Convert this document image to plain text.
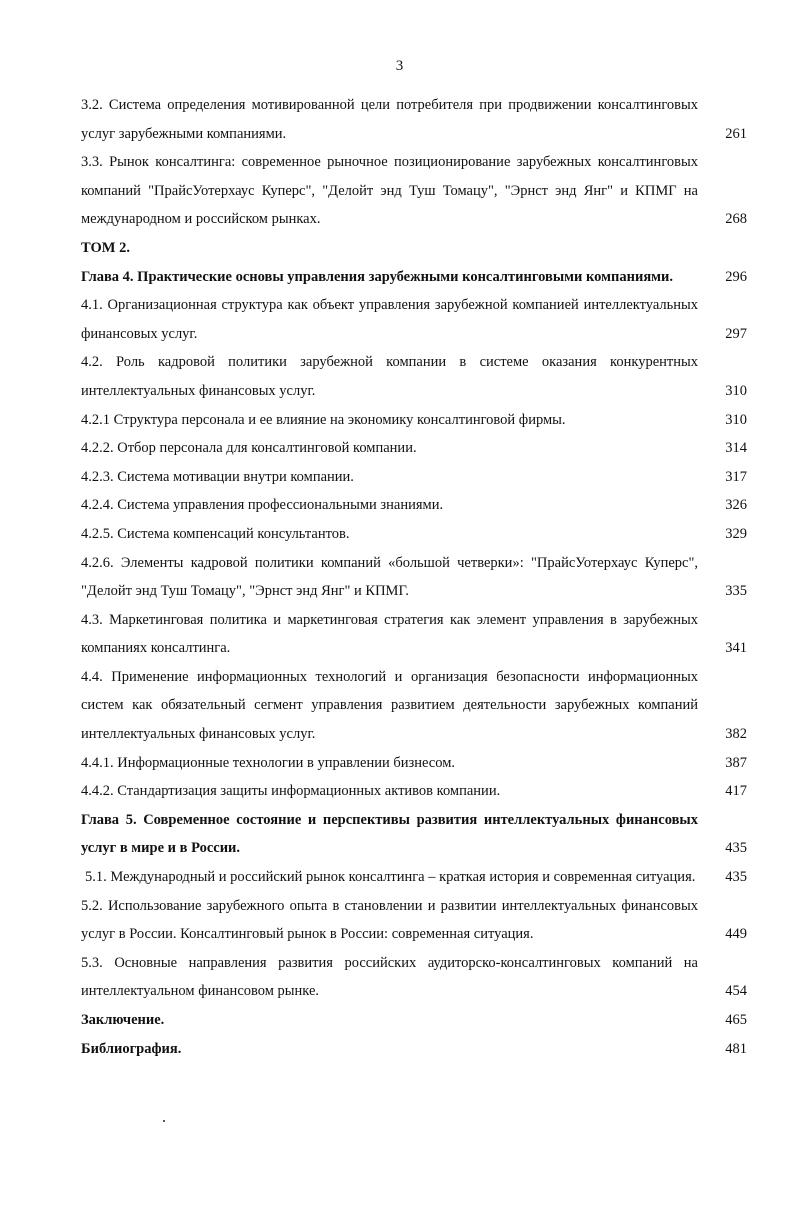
3
3.2. Система определения мотивированной цели потребителя при продвижении консалтинговых услуг зарубежными компаниями.	261
3.3. Рынок консалтинга: современное рыночное позиционирование зарубежных консалтинговых компаний "ПрайсУотерхаус Куперс", "Делойт энд Туш Томацу", "Эрнст энд Янг" и КПМГ на международном и российском рынках.	268
ТОМ 2.
Глава 4. Практические основы управления зарубежными консалтинговыми компаниями.	296
4.1. Организационная структура как объект управления зарубежной компанией интеллектуальных финансовых услуг.	297
4.2. Роль кадровой политики зарубежной компании в системе оказания конкурентных интеллектуальных финансовых услуг.	310
4.2.1 Структура персонала и ее влияние на экономику консалтинговой фирмы.	310
4.2.2. Отбор персонала для консалтинговой компании.	314
4.2.3. Система мотивации внутри компании.	317
4.2.4. Система управления профессиональными знаниями.	326
4.2.5. Система компенсаций консультантов.	329
4.2.6. Элементы кадровой политики компаний «большой четверки»: "ПрайсУотерхаус Куперс", "Делойт энд Туш Томацу", "Эрнст энд Янг" и КПМГ.	335
4.3. Маркетинговая политика и маркетинговая стратегия как элемент управления в зарубежных компаниях консалтинга.	341
4.4. Применение информационных технологий и организация безопасности информационных систем как обязательный сегмент управления развитием деятельности зарубежных компаний интеллектуальных финансовых услуг.	382
4.4.1. Информационные технологии в управлении бизнесом.	387
4.4.2. Стандартизация защиты информационных активов компании.	417
Глава 5. Современное состояние и перспективы развития интеллектуальных финансовых услуг в мире и в России.	435
5.1. Международный и российский рынок консалтинга – краткая история и современная ситуация.	435
5.2. Использование зарубежного опыта в становлении и развитии интеллектуальных финансовых услуг в России. Консалтинговый рынок в России: современная ситуация.	449
5.3. Основные направления развития российских аудиторско-консалтинговых компаний на интеллектуальном финансовом рынке.	454
Заключение.	465
Библиография.	481
